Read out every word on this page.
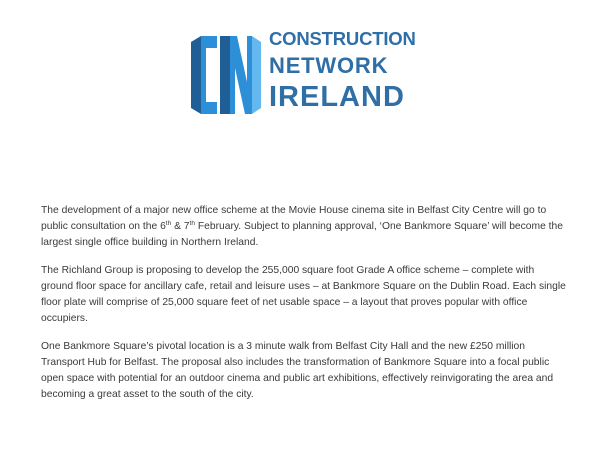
CONSTRUCTION
NETWORK
IRELAND

The development of a major new office scheme at the Movie House cinema site in Belfast City Centre will go to public consultation on the 6th & 7th February. Subject to planning approval, ‘One Bankmore Square’ will become the largest single office building in Northern Ireland.

The Richland Group is proposing to develop the 255,000 square foot Grade A office scheme – complete with ground floor space for ancillary cafe, retail and leisure uses – at Bankmore Square on the Dublin Road. Each single floor plate will comprise of 25,000 square feet of net usable space – a layout that proves popular with office occupiers.

One Bankmore Square’s pivotal location is a 3 minute walk from Belfast City Hall and the new £250 million Transport Hub for Belfast. The proposal also includes the transformation of Bankmore Square into a focal public open space with potential for an outdoor cinema and public art exhibitions, effectively reinvigorating the area and becoming a great asset to the south of the city.
